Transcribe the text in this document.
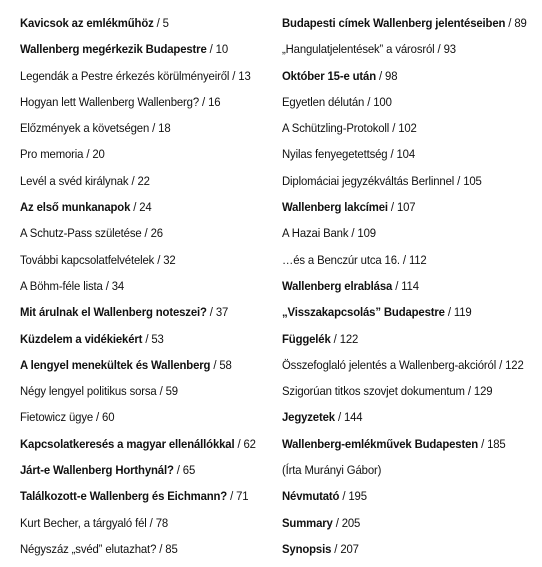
Kavicsok az emlékműhöz / 5
Wallenberg megérkezik Budapestre / 10
Legendák a Pestre érkezés körülményeiről / 13
Hogyan lett Wallenberg Wallenberg? / 16
Előzmények a követségen / 18
Pro memoria / 20
Levél a svéd királynak / 22
Az első munkanapok / 24
A Schutz-Pass születése / 26
További kapcsolatfelvételek / 32
A Böhm-féle lista / 34
Mit árulnak el Wallenberg noteszei? / 37
Küzdelem a vidékiekért / 53
A lengyel menekültek és Wallenberg / 58
Négy lengyel politikus sorsa / 59
Fietowicz ügye / 60
Kapcsolatkeresés a magyar ellenállókkal / 62
Járt-e Wallenberg Horthynál? / 65
Találkozott-e Wallenberg és Eichmann? / 71
Kurt Becher, a tárgyaló fél / 78
Négyszáz „svéd” elutazhat? / 85
Budapesti címek Wallenberg jelentéseiben / 89
„Hangulatjelentések” a városról / 93
Október 15-e után / 98
Egyetlen délután / 100
A Schützling-Protokoll / 102
Nyilas fenyegetettség / 104
Diplomáciai jegyzékváltás Berlinnel / 105
Wallenberg lakcímei / 107
A Hazai Bank / 109
…és a Benczúr utca 16. / 112
Wallenberg elrablása / 114
„Visszakapcsolás” Budapestre / 119
Függelék / 122
Összefoglaló jelentés a Wallenberg-akcióról / 122
Szigorúan titkos szovjet dokumentum / 129
Jegyzetek / 144
Wallenberg-emlékművek Budapesten / 185
(Írta Murányi Gábor)
Névmutató / 195
Summary / 205
Synopsis / 207
